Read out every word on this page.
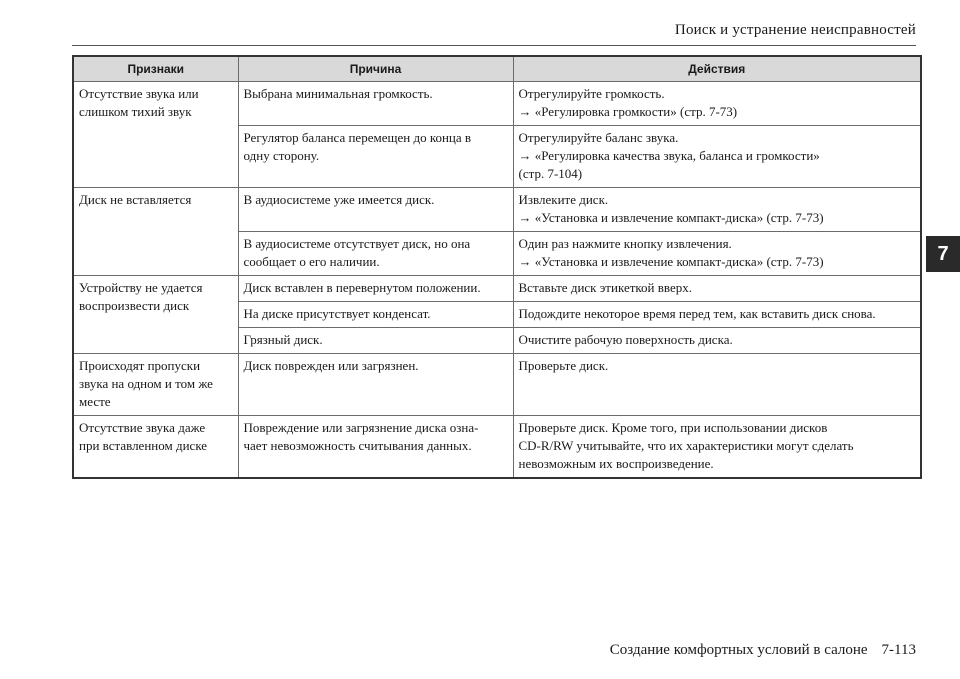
Поиск и устранение неисправностей
7
Признаки	Причина	Действия

Отсутствие звука или
слишком тихий звук	Выбрана минимальная громкость.	Отрегулируйте громкость.
→ «Регулировка громкости» (стр. 7-73)

	Регулятор баланса перемещен до конца в
одну сторону.	Отрегулируйте баланс звука.
→ «Регулировка качества звука, баланса и громкости»
(стр. 7-104)

Диск не вставляется	В аудиосистеме уже имеется диск.	Извлеките диск.
→ «Установка и извлечение компакт-диска» (стр. 7-73)

	В аудиосистеме отсутствует диск, но она
сообщает о его наличии.	Один раз нажмите кнопку извлечения.
→ «Установка и извлечение компакт-диска» (стр. 7-73)

Устройству не удается
воспроизвести диск	Диск вставлен в перевернутом положении.	Вставьте диск этикеткой вверх.

	На диске присутствует конденсат.	Подождите некоторое время перед тем, как вставить диск снова.

	Грязный диск.	Очистите рабочую поверхность диска.

Происходят пропуски
звука на одном и том же
месте	Диск поврежден или загрязнен.	Проверьте диск.

Отсутствие звука даже
при вставленном диске	Повреждение или загрязнение диска озна-
чает невозможность считывания данных.	Проверьте диск. Кроме того, при использовании дисков
CD-R/RW учитывайте, что их характеристики могут сделать
невозможным их воспроизведение.
Создание комфортных условий в салоне 7-113
